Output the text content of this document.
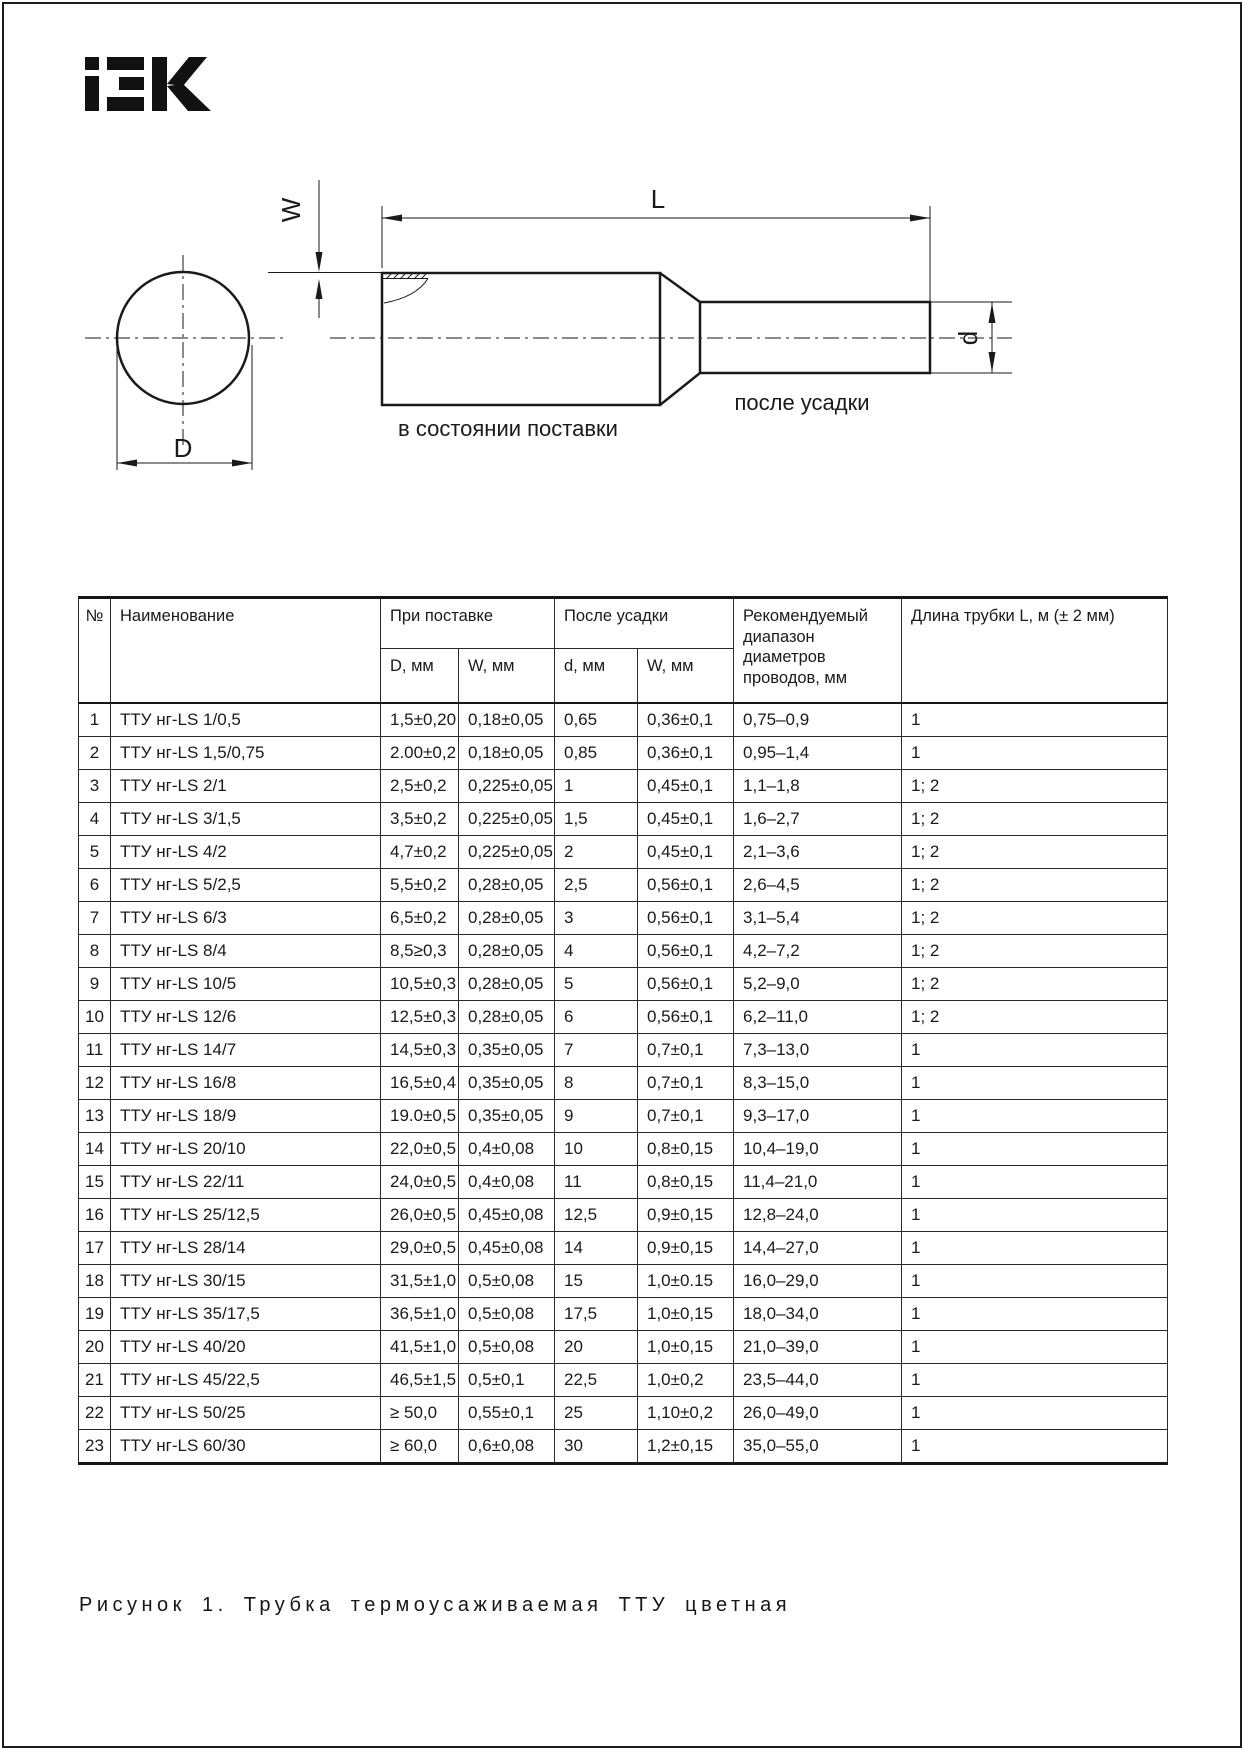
W	L
D
d
в состоянии поставки
после усадки
№	Наименование	При поставке		После усадки		Рекомендуемый диапазон диаметров проводов, мм	Длина трубки L, м (± 2 мм)
		D, мм	W, мм	d, мм	W, мм		
1	ТТУ нг-LS 1/0,5	1,5±0,20	0,18±0,05	0,65	0,36±0,1	0,75–0,9	1
2	ТТУ нг-LS 1,5/0,75	2.00±0,2	0,18±0,05	0,85	0,36±0,1	0,95–1,4	1
3	ТТУ нг-LS 2/1	2,5±0,2	0,225±0,05	1	0,45±0,1	1,1–1,8	1; 2
4	ТТУ нг-LS 3/1,5	3,5±0,2	0,225±0,05	1,5	0,45±0,1	1,6–2,7	1; 2
5	ТТУ нг-LS 4/2	4,7±0,2	0,225±0,05	2	0,45±0,1	2,1–3,6	1; 2
6	ТТУ нг-LS 5/2,5	5,5±0,2	0,28±0,05	2,5	0,56±0,1	2,6–4,5	1; 2
7	ТТУ нг-LS 6/3	6,5±0,2	0,28±0,05	3	0,56±0,1	3,1–5,4	1; 2
8	ТТУ нг-LS 8/4	8,5≥0,3	0,28±0,05	4	0,56±0,1	4,2–7,2	1; 2
9	ТТУ нг-LS 10/5	10,5±0,3	0,28±0,05	5	0,56±0,1	5,2–9,0	1; 2
10	ТТУ нг-LS 12/6	12,5±0,3	0,28±0,05	6	0,56±0,1	6,2–11,0	1; 2
11	ТТУ нг-LS 14/7	14,5±0,3	0,35±0,05	7	0,7±0,1	7,3–13,0	1
12	ТТУ нг-LS 16/8	16,5±0,4	0,35±0,05	8	0,7±0,1	8,3–15,0	1
13	ТТУ нг-LS 18/9	19.0±0,5	0,35±0,05	9	0,7±0,1	9,3–17,0	1
14	ТТУ нг-LS 20/10	22,0±0,5	0,4±0,08	10	0,8±0,15	10,4–19,0	1
15	ТТУ нг-LS 22/11	24,0±0,5	0,4±0,08	11	0,8±0,15	11,4–21,0	1
16	ТТУ нг-LS 25/12,5	26,0±0,5	0,45±0,08	12,5	0,9±0,15	12,8–24,0	1
17	ТТУ нг-LS 28/14	29,0±0,5	0,45±0,08	14	0,9±0,15	14,4–27,0	1
18	ТТУ нг-LS 30/15	31,5±1,0	0,5±0,08	15	1,0±0.15	16,0–29,0	1
19	ТТУ нг-LS 35/17,5	36,5±1,0	0,5±0,08	17,5	1,0±0,15	18,0–34,0	1
20	ТТУ нг-LS 40/20	41,5±1,0	0,5±0,08	20	1,0±0,15	21,0–39,0	1
21	ТТУ нг-LS 45/22,5	46,5±1,5	0,5±0,1	22,5	1,0±0,2	23,5–44,0	1
22	ТТУ нг-LS 50/25	≥ 50,0	0,55±0,1	25	1,10±0,2	26,0–49,0	1
23	ТТУ нг-LS 60/30	≥ 60,0	0,6±0,08	30	1,2±0,15	35,0–55,0	1
Рисунок 1. Трубка термоусаживаемая ТТУ цветная
